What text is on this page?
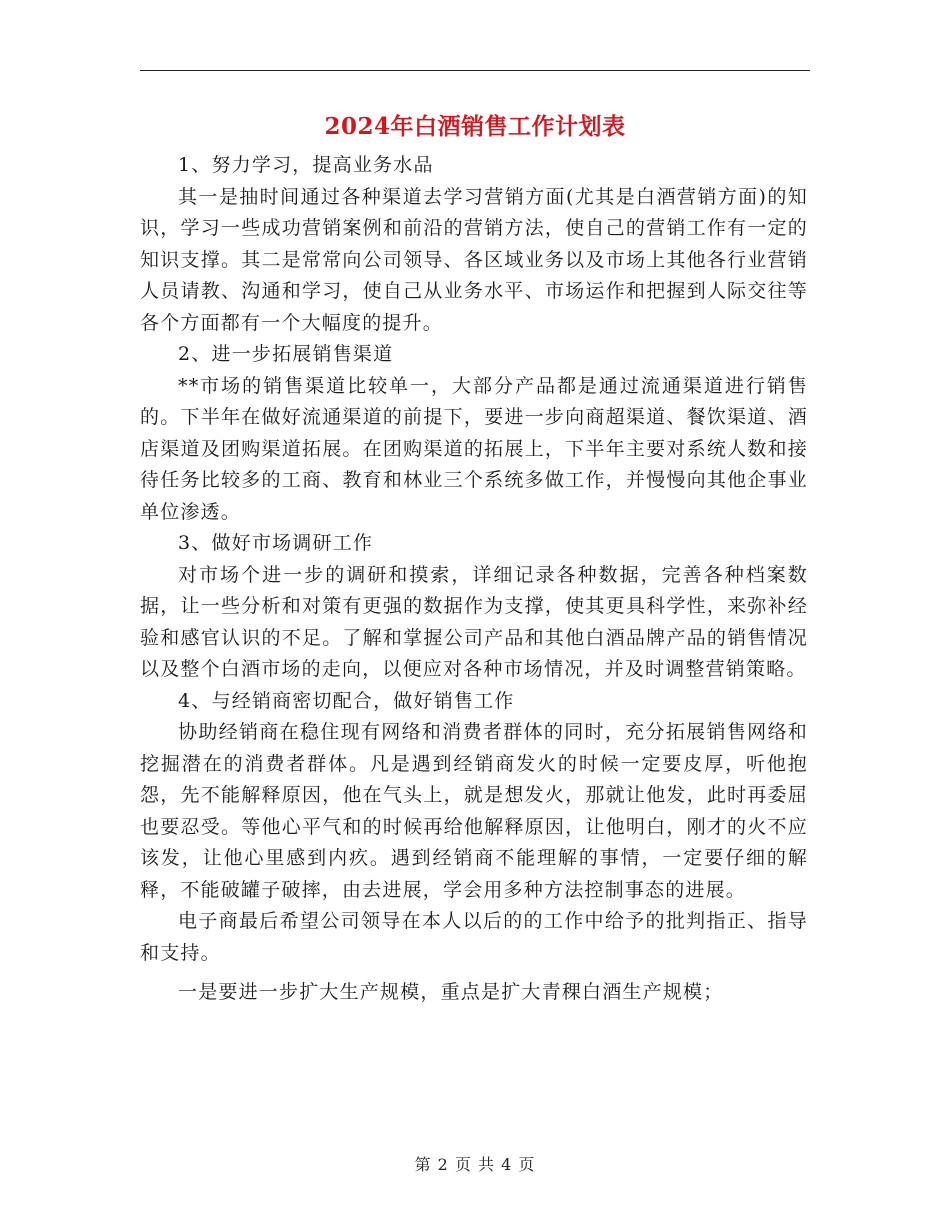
2024年白酒销售工作计划表

1、努力学习，提高业务水品

其一是抽时间通过各种渠道去学习营销方面(尤其是白酒营销方面)的知识，学习一些成功营销案例和前沿的营销方法，使自己的营销工作有一定的知识支撑。其二是常常向公司领导、各区域业务以及市场上其他各行业营销人员请教、沟通和学习，使自己从业务水平、市场运作和把握到人际交往等各个方面都有一个大幅度的提升。

2、进一步拓展销售渠道

**市场的销售渠道比较单一，大部分产品都是通过流通渠道进行销售的。下半年在做好流通渠道的前提下，要进一步向商超渠道、餐饮渠道、酒店渠道及团购渠道拓展。在团购渠道的拓展上，下半年主要对系统人数和接待任务比较多的工商、教育和林业三个系统多做工作，并慢慢向其他企事业单位渗透。

3、做好市场调研工作

对市场个进一步的调研和摸索，详细记录各种数据，完善各种档案数据，让一些分析和对策有更强的数据作为支撑，使其更具科学性，来弥补经验和感官认识的不足。了解和掌握公司产品和其他白酒品牌产品的销售情况以及整个白酒市场的走向，以便应对各种市场情况，并及时调整营销策略。

4、与经销商密切配合，做好销售工作

协助经销商在稳住现有网络和消费者群体的同时，充分拓展销售网络和挖掘潜在的消费者群体。凡是遇到经销商发火的时候一定要皮厚，听他抱怨，先不能解释原因，他在气头上，就是想发火，那就让他发，此时再委屈也要忍受。等他心平气和的时候再给他解释原因，让他明白，刚才的火不应该发，让他心里感到内疚。遇到经销商不能理解的事情，一定要仔细的解释，不能破罐子破摔，由去进展，学会用多种方法控制事态的进展。

电子商最后希望公司领导在本人以后的的工作中给予的批判指正、指导和支持。

一是要进一步扩大生产规模，重点是扩大青稞白酒生产规模；

第 2 页 共 4 页
